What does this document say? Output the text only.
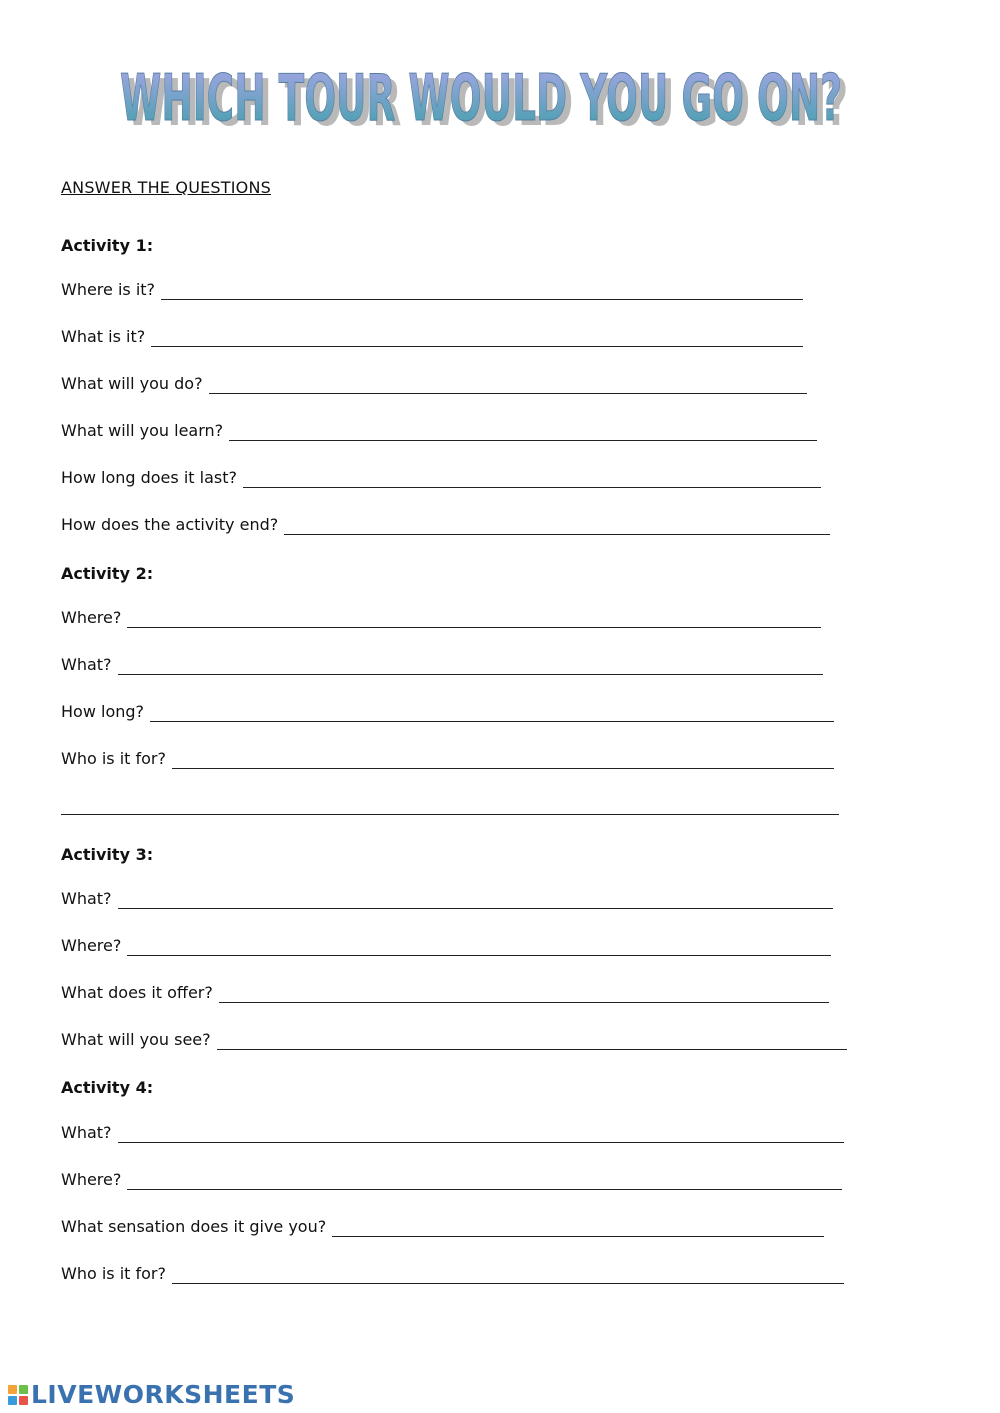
WHICH TOUR WOULD YOU GO ON?
WHICH TOUR WOULD YOU GO ON?

ANSWER THE QUESTIONS

Activity 1:

Where is it?
What is it?
What will you do?
What will you learn?
How long does it last?
How does the activity end?

Activity 2:

Where?
What?
How long?
Who is it for?

Activity 3:

What?
Where?
What does it offer?
What will you see?

Activity 4:

What?
Where?
What sensation does it give you?
Who is it for?
LIVEWORKSHEETS
